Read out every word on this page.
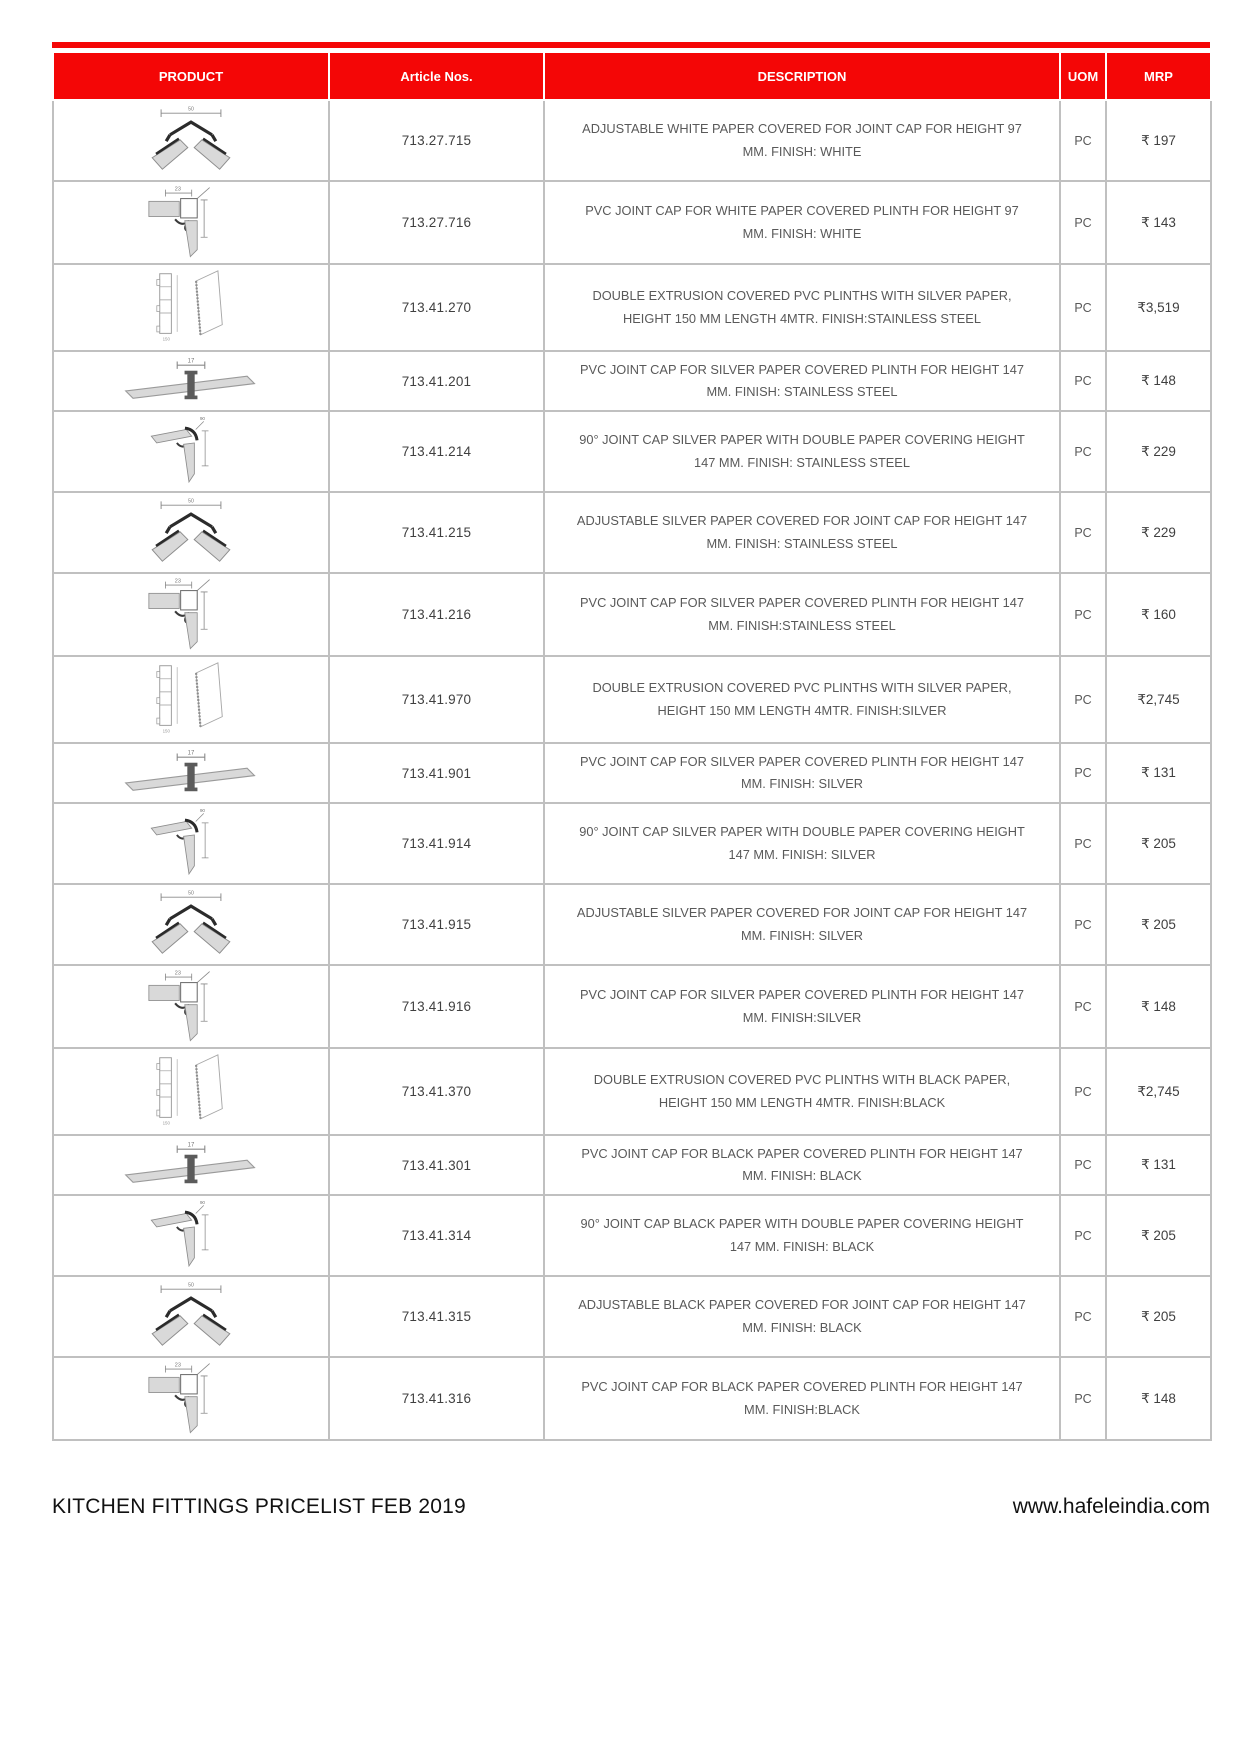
PRODUCT	Article Nos.	DESCRIPTION	UOM	MRP

	713.27.715	ADJUSTABLE WHITE PAPER COVERED FOR JOINT CAP FOR HEIGHT 97 MM. FINISH: WHITE	PC	₹ 197

	713.27.716	PVC JOINT CAP FOR WHITE PAPER COVERED PLINTH FOR HEIGHT 97 MM. FINISH: WHITE	PC	₹ 143

	713.41.270	DOUBLE EXTRUSION COVERED PVC PLINTHS WITH SILVER PAPER, HEIGHT 150 MM LENGTH 4MTR. FINISH:STAINLESS STEEL	PC	₹3,519

	713.41.201	PVC JOINT CAP FOR SILVER PAPER COVERED PLINTH FOR HEIGHT 147 MM. FINISH: STAINLESS STEEL	PC	₹ 148

	713.41.214	90° JOINT CAP SILVER PAPER WITH DOUBLE PAPER COVERING HEIGHT 147 MM. FINISH: STAINLESS STEEL	PC	₹ 229

	713.41.215	ADJUSTABLE SILVER PAPER COVERED FOR JOINT CAP FOR HEIGHT 147 MM. FINISH: STAINLESS STEEL	PC	₹ 229

	713.41.216	PVC JOINT CAP FOR SILVER PAPER COVERED PLINTH FOR HEIGHT 147 MM. FINISH:STAINLESS STEEL	PC	₹ 160

	713.41.970	DOUBLE EXTRUSION COVERED PVC PLINTHS WITH SILVER PAPER, HEIGHT 150 MM LENGTH 4MTR. FINISH:SILVER	PC	₹2,745

	713.41.901	PVC JOINT CAP FOR SILVER PAPER COVERED PLINTH FOR HEIGHT 147 MM. FINISH: SILVER	PC	₹ 131

	713.41.914	90° JOINT CAP SILVER PAPER WITH DOUBLE PAPER COVERING HEIGHT 147 MM. FINISH: SILVER	PC	₹ 205

	713.41.915	ADJUSTABLE SILVER PAPER COVERED FOR JOINT CAP FOR HEIGHT 147 MM. FINISH: SILVER	PC	₹ 205

	713.41.916	PVC JOINT CAP FOR SILVER PAPER COVERED PLINTH FOR HEIGHT 147 MM. FINISH:SILVER	PC	₹ 148

	713.41.370	DOUBLE EXTRUSION COVERED PVC PLINTHS WITH BLACK PAPER, HEIGHT 150 MM LENGTH 4MTR. FINISH:BLACK	PC	₹2,745

	713.41.301	PVC JOINT CAP FOR BLACK PAPER COVERED PLINTH FOR HEIGHT 147 MM. FINISH: BLACK	PC	₹ 131

	713.41.314	90° JOINT CAP BLACK PAPER WITH DOUBLE PAPER COVERING HEIGHT 147 MM. FINISH: BLACK	PC	₹ 205

	713.41.315	ADJUSTABLE BLACK PAPER COVERED FOR JOINT CAP FOR HEIGHT 147 MM. FINISH: BLACK	PC	₹ 205

	713.41.316	PVC JOINT CAP FOR BLACK PAPER COVERED PLINTH FOR HEIGHT 147 MM. FINISH:BLACK	PC	₹ 148
KITCHEN FITTINGS PRICELIST FEB 2019	www.hafeleindia.com
